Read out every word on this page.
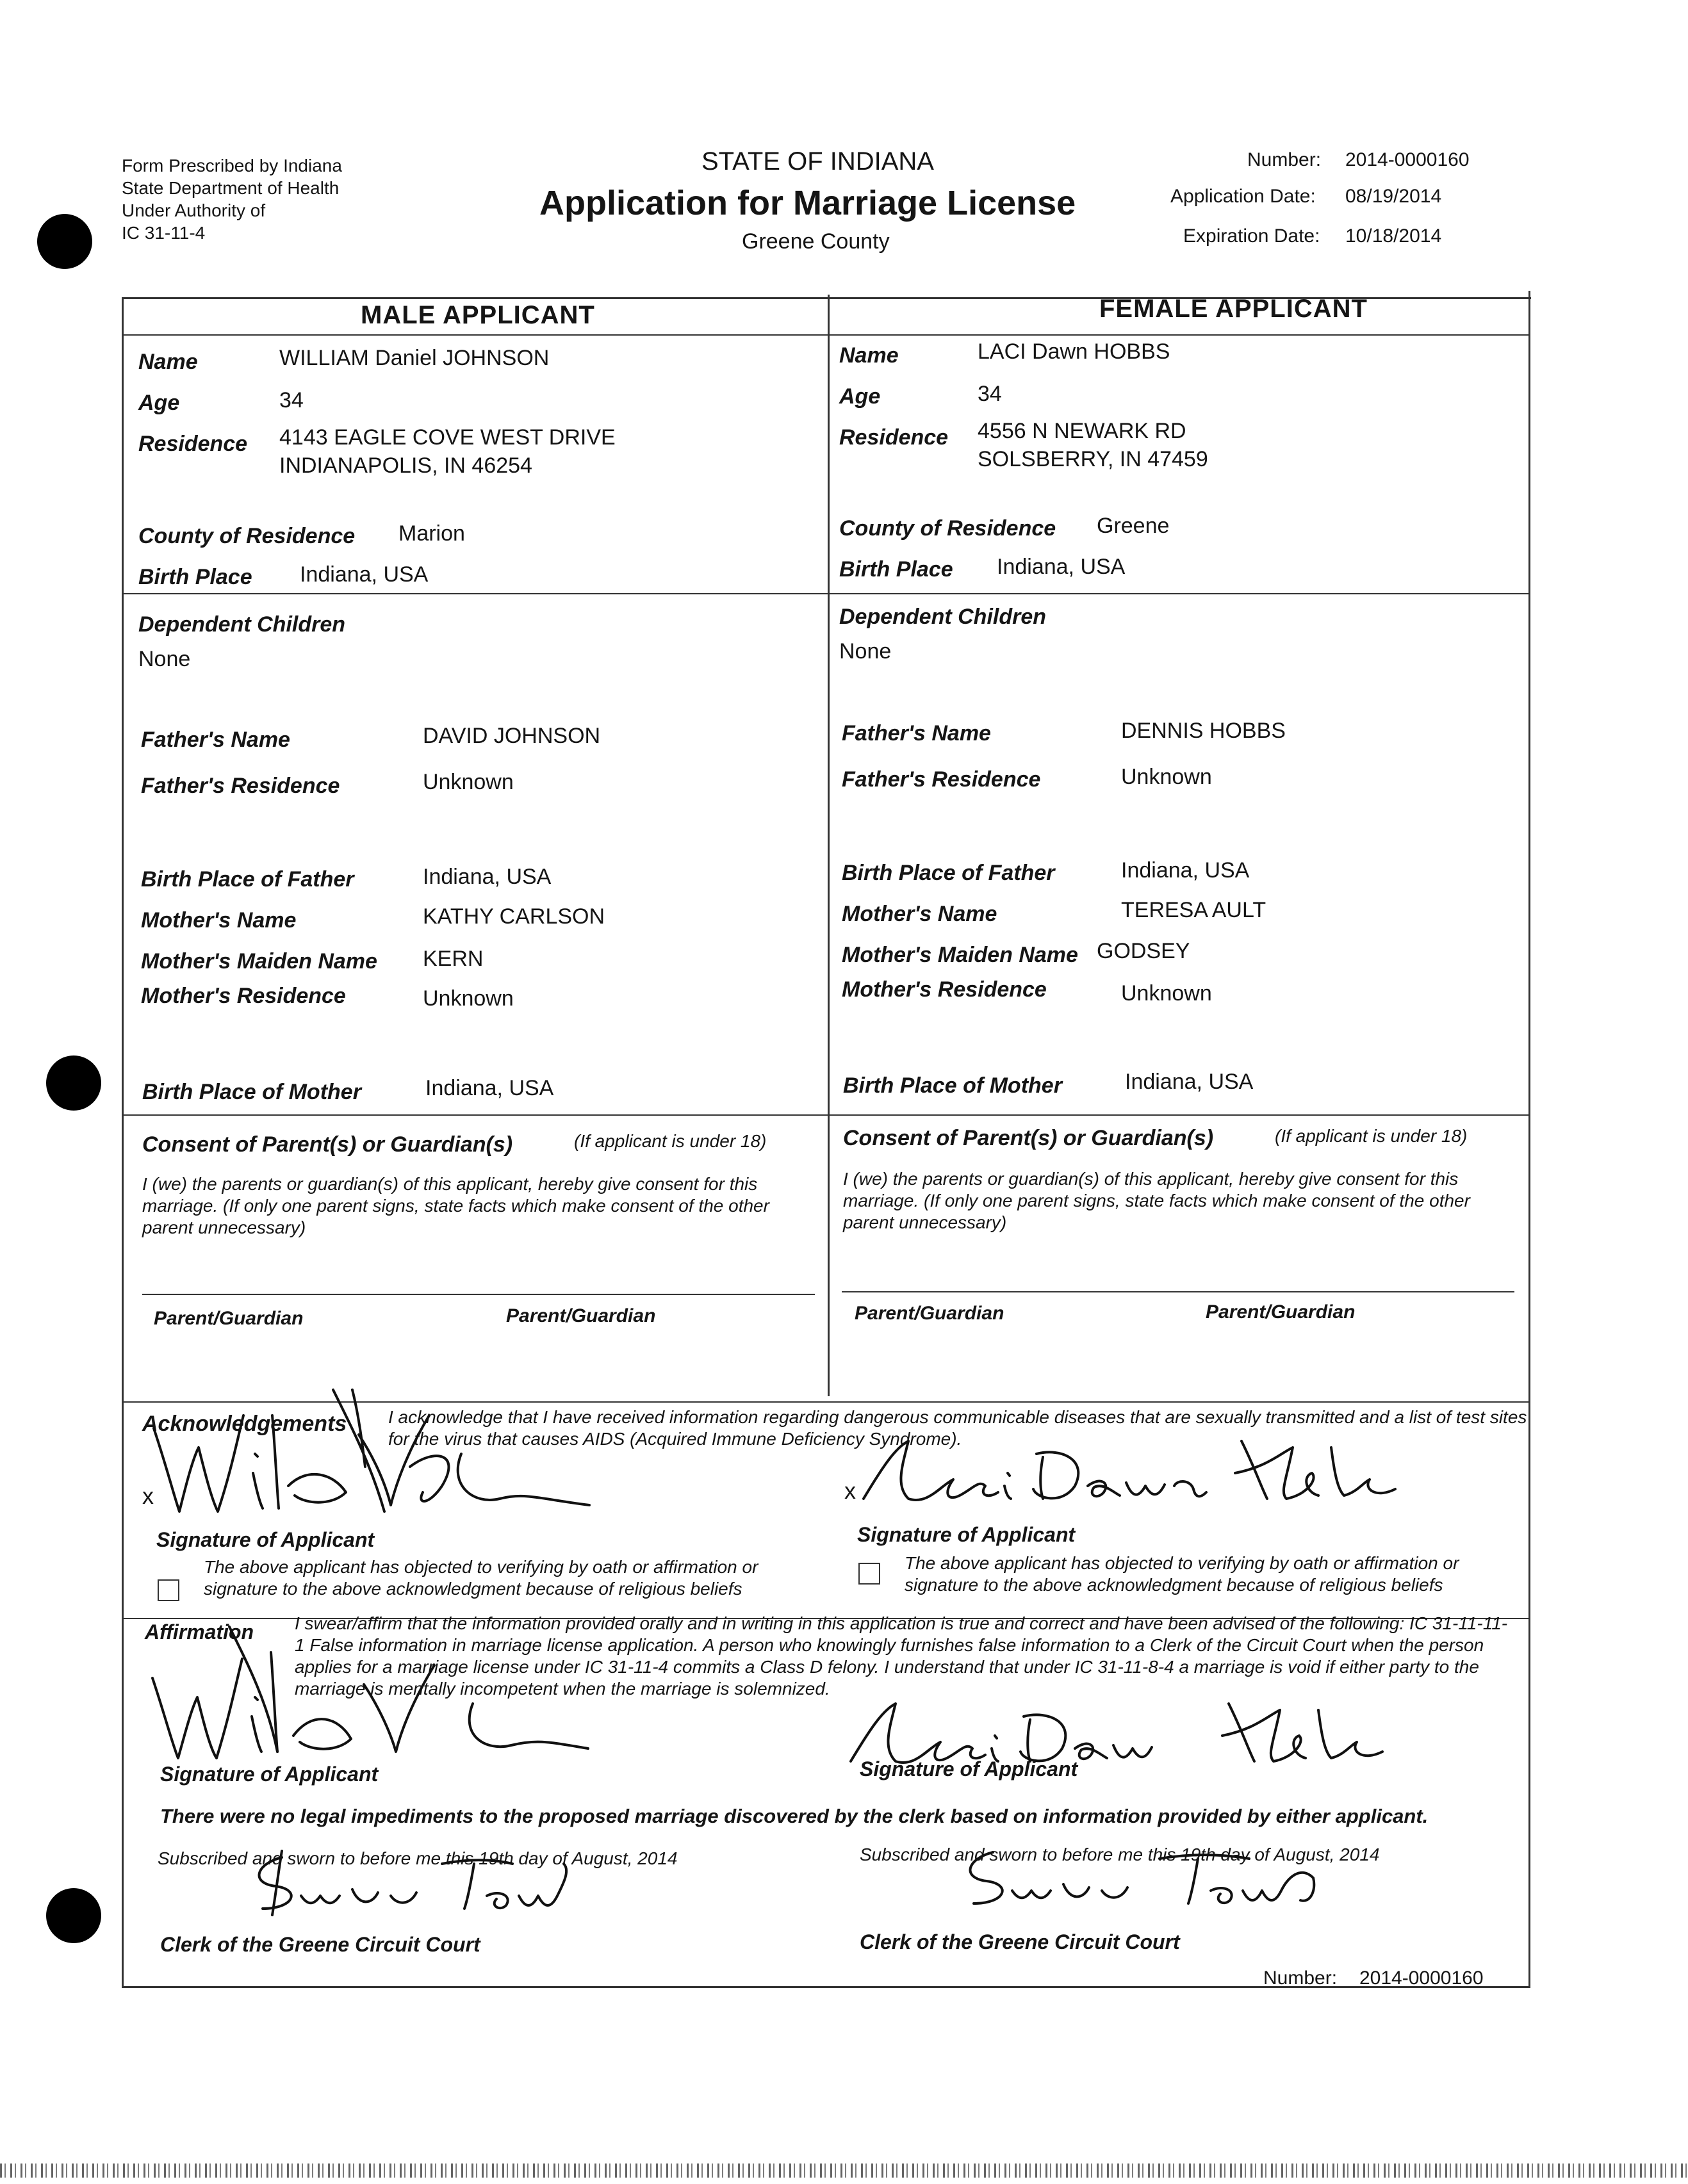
Form Prescribed by Indiana
State Department of Health
Under Authority of
IC 31-11-4
STATE OF INDIANA
Application for Marriage License
Greene County
Number: 2014-0000160
Application Date: 08/19/2014
Expiration Date: 10/18/2014
MALE APPLICANT	FEMALE APPLICANT
Name	WILLIAM Daniel JOHNSON
Age	34
Residence 4143 EAGLE COVE WEST DRIVE
INDIANAPOLIS, IN 46254
County of Residence Marion
Birth Place Indiana, USA
Dependent Children
None
Father's Name	DAVID JOHNSON
Father's Residence	Unknown
Birth Place of Father	Indiana, USA
Mother's Name	KATHY CARLSON
Mother's Maiden Name KERN
Mother's Residence	Unknown
Birth Place of Mother	Indiana, USA
Name	LACI Dawn HOBBS
Age	34
Residence 4556 N NEWARK RD
SOLSBERRY, IN 47459
County of Residence Greene
Birth Place Indiana, USA
Dependent Children
None
Father's Name	DENNIS HOBBS
Father's Residence	Unknown
Birth Place of Father	Indiana, USA
Mother's Name	TERESA AULT
Mother's Maiden Name GODSEY
Mother's Residence	Unknown
Birth Place of Mother	Indiana, USA
Consent of Parent(s) or Guardian(s)	(If applicant is under 18)
I (we) the parents or guardian(s) of this applicant, hereby give consent for this marriage. (If only one parent signs, state facts which make consent of the other parent unnecessary)
Parent/Guardian	Parent/Guardian
Consent of Parent(s) or Guardian(s)	(If applicant is under 18)
I (we) the parents or guardian(s) of this applicant, hereby give consent for this marriage. (If only one parent signs, state facts which make consent of the other parent unnecessary)
Parent/Guardian	Parent/Guardian
Acknowledgements I acknowledge that I have received information regarding dangerous communicable diseases that are sexually transmitted and a list of test sites for the virus that causes AIDS (Acquired Immune Deficiency Syndrome).
x	x
Signature of Applicant	Signature of Applicant
The above applicant has objected to verifying by oath or affirmation or signature to the above acknowledgment because of religious beliefs
The above applicant has objected to verifying by oath or affirmation or signature to the above acknowledgment because of religious beliefs
Affirmation I swear/affirm that the information provided orally and in writing in this application is true and correct and have been advised of the following: IC 31-11-11-1 False information in marriage license application. A person who knowingly furnishes false information to a Clerk of the Circuit Court when the person applies for a marriage license under IC 31-11-4 commits a Class D felony. I understand that under IC 31-11-8-4 a marriage is void if either party to the marriage is mentally incompetent when the marriage is solemnized.
Signature of Applicant	Signature of Applicant
There were no legal impediments to the proposed marriage discovered by the clerk based on information provided by either applicant.
Subscribed and sworn to before me this 19th day of August, 2014	Subscribed and sworn to before me this 19th day of August, 2014
Clerk of the Greene Circuit Court	Clerk of the Greene Circuit Court
Number: 2014-0000160
